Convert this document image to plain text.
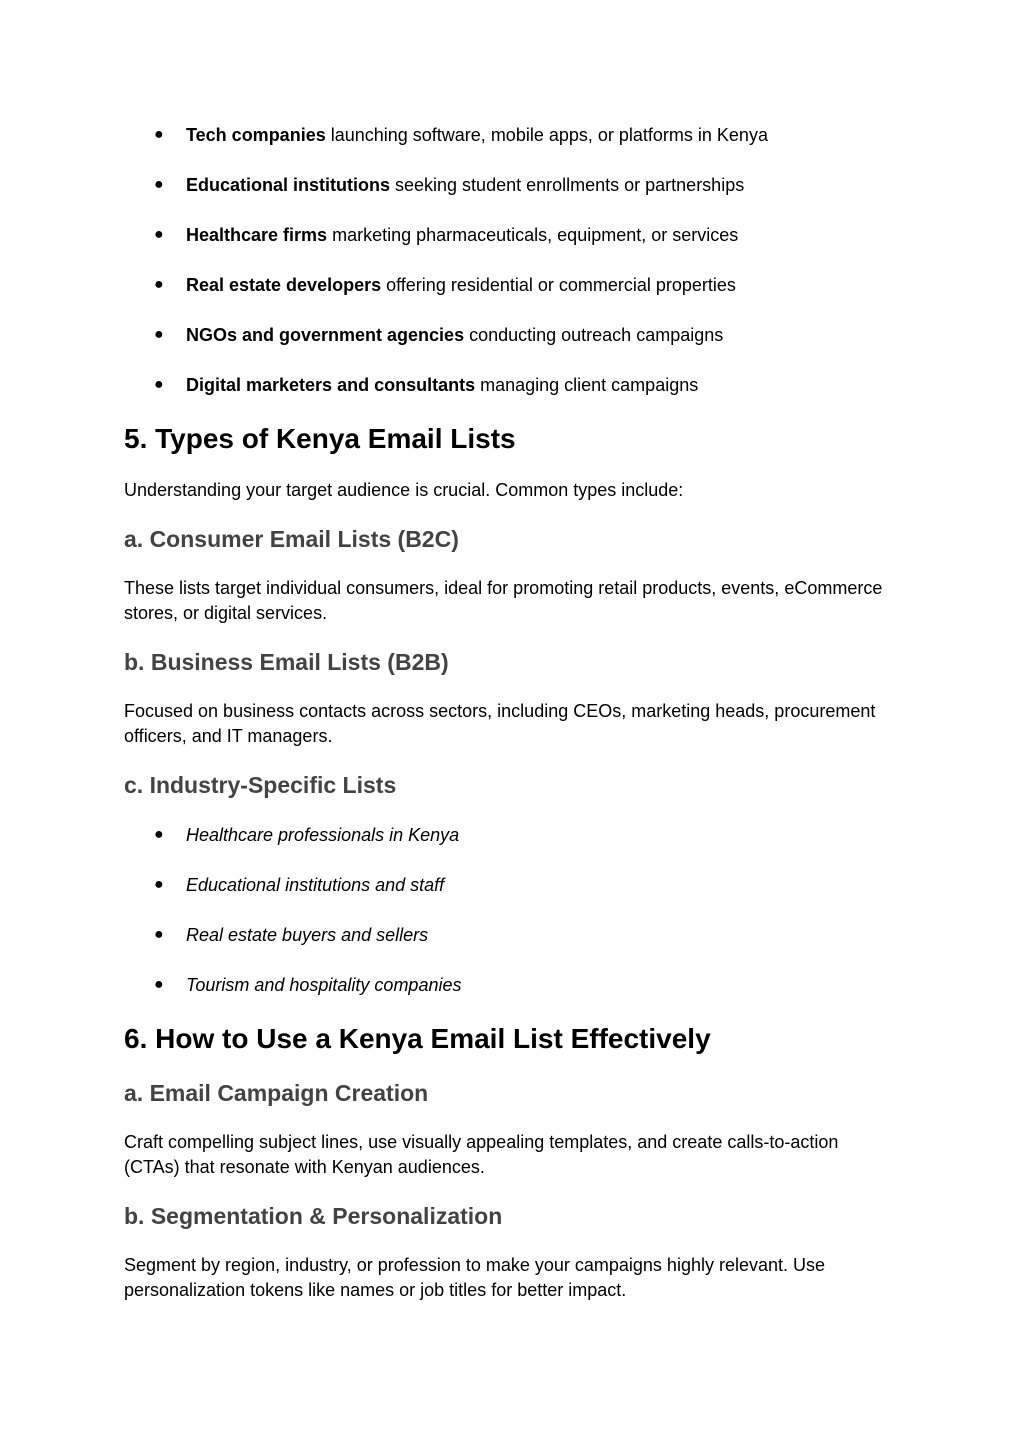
● Tech companies launching software, mobile apps, or platforms in Kenya
● Educational institutions seeking student enrollments or partnerships
● Healthcare firms marketing pharmaceuticals, equipment, or services
● Real estate developers offering residential or commercial properties
● NGOs and government agencies conducting outreach campaigns
● Digital marketers and consultants managing client campaigns
5. Types of Kenya Email Lists

Understanding your target audience is crucial. Common types include:

a. Consumer Email Lists (B2C)

These lists target individual consumers, ideal for promoting retail products, events, eCommerce stores, or digital services.

b. Business Email Lists (B2B)

Focused on business contacts across sectors, including CEOs, marketing heads, procurement officers, and IT managers.

c. Industry-Specific Lists
● Healthcare professionals in Kenya
● Educational institutions and staff
● Real estate buyers and sellers
● Tourism and hospitality companies
6. How to Use a Kenya Email List Effectively
a. Email Campaign Creation

Craft compelling subject lines, use visually appealing templates, and create calls-to-action (CTAs) that resonate with Kenyan audiences.

b. Segmentation & Personalization

Segment by region, industry, or profession to make your campaigns highly relevant. Use personalization tokens like names or job titles for better impact.
